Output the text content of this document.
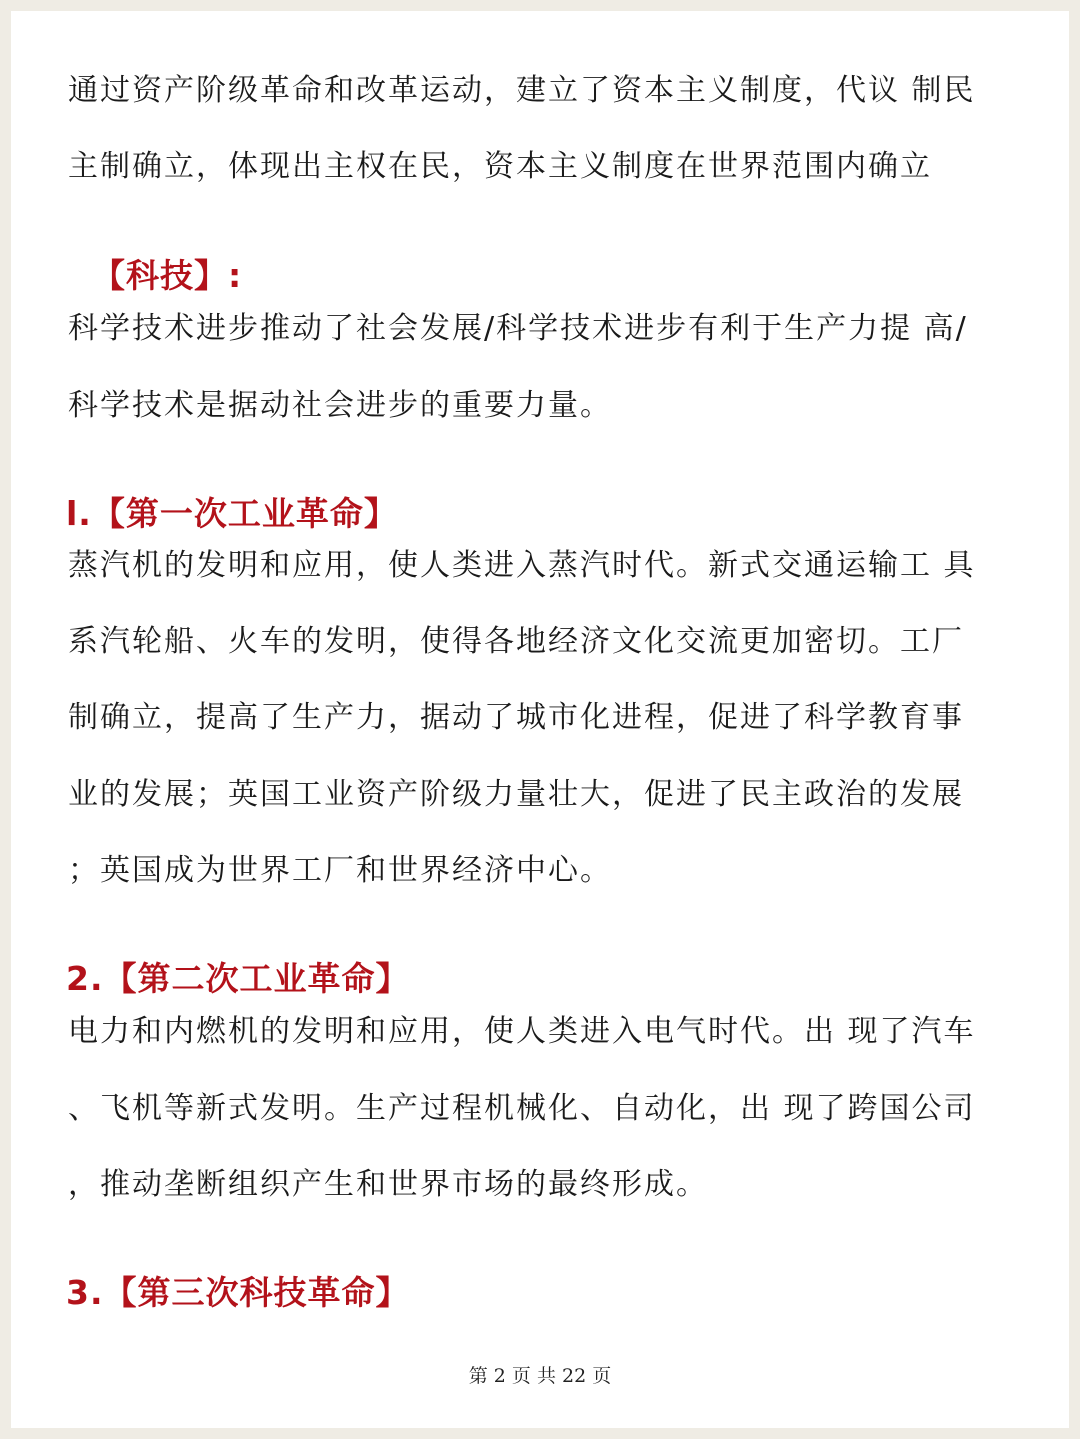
通过资产阶级革命和改革运动，建立了资本主义制度，代议 制民
主制确立，体现出主权在民，资本主义制度在世界范围内确立
【科技】:
科学技术进步推动了社会发展/科学技术进步有利于生产力提 高/
科学技术是据动社会进步的重要力量。
l.【第一次工业革命】
蒸汽机的发明和应用，使人类进入蒸汽时代。新式交通运输工 具
系汽轮船、火车的发明，使得各地经济文化交流更加密切。工厂
制确立，提高了生产力，据动了城市化进程，促进了科学教育事
业的发展；英国工业资产阶级力量壮大，促进了民主政治的发展
；英国成为世界工厂和世界经济中心。
2.【第二次工业革命】
电力和内燃机的发明和应用，使人类进入电气时代。出 现了汽车
、飞机等新式发明。生产过程机械化、自动化，出 现了跨国公司
，推动垄断组织产生和世界市场的最终形成。
3.【第三次科技革命】
第 2 页 共 22 页
